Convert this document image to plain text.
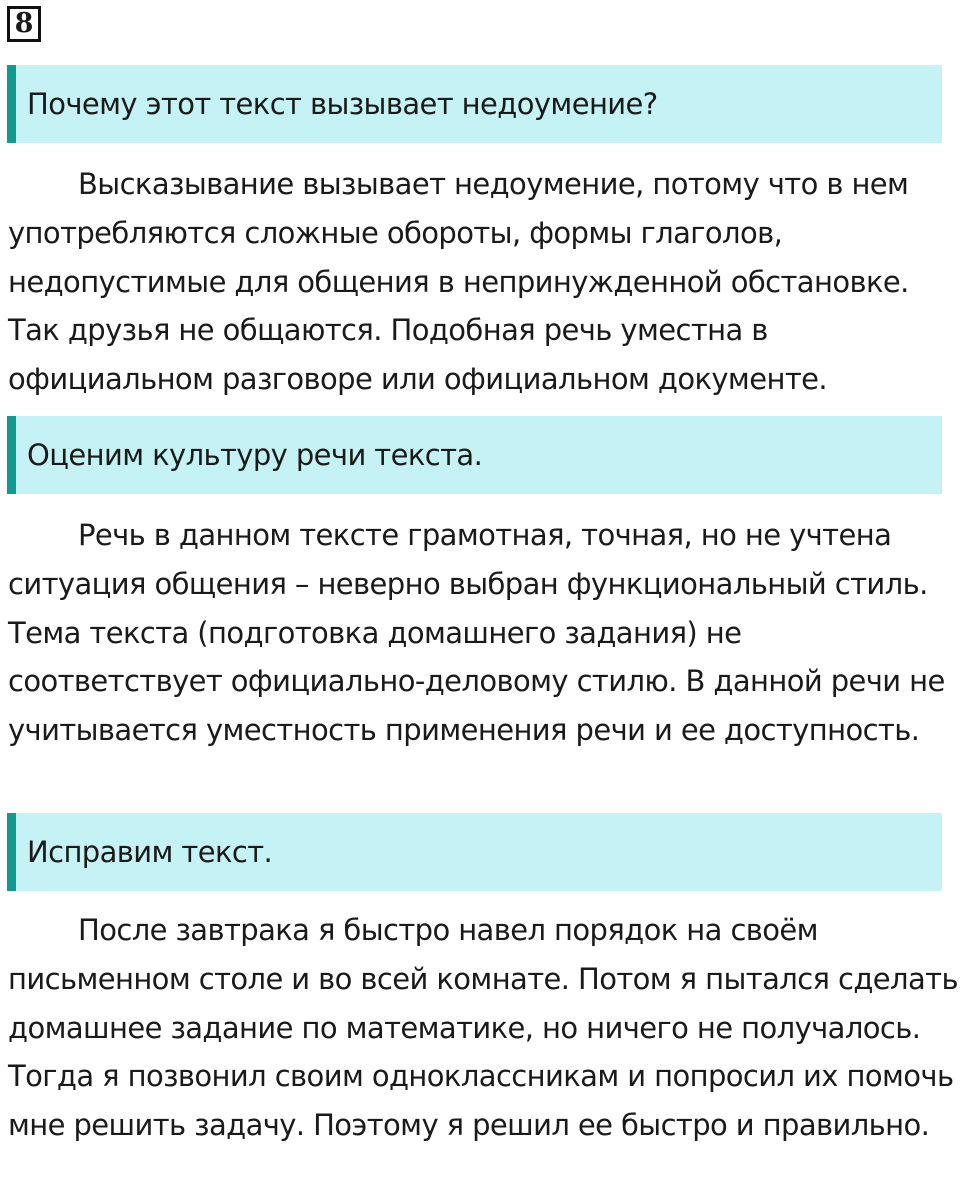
8
Почему этот текст вызывает недоумение?

Высказывание вызывает недоумение, потому что в нем употребляются сложные обороты, формы глаголов, недопустимые для общения в непринужденной обстановке. Так друзья не общаются. Подобная речь уместна в официальном разговоре или официальном документе.

Оценим культуру речи текста.

Речь в данном тексте грамотная, точная, но не учтена ситуация общения – неверно выбран функциональный стиль. Тема текста (подготовка домашнего задания) не соответствует официально-деловому стилю. В данной речи не учитывается уместность применения речи и ее доступность.

Исправим текст.

После завтрака я быстро навел порядок на своём письменном столе и во всей комнате. Потом я пытался сделать домашнее задание по математике, но ничего не получалось. Тогда я позвонил своим одноклассникам и попросил их помочь мне решить задачу. Поэтому я решил ее быстро и правильно.
